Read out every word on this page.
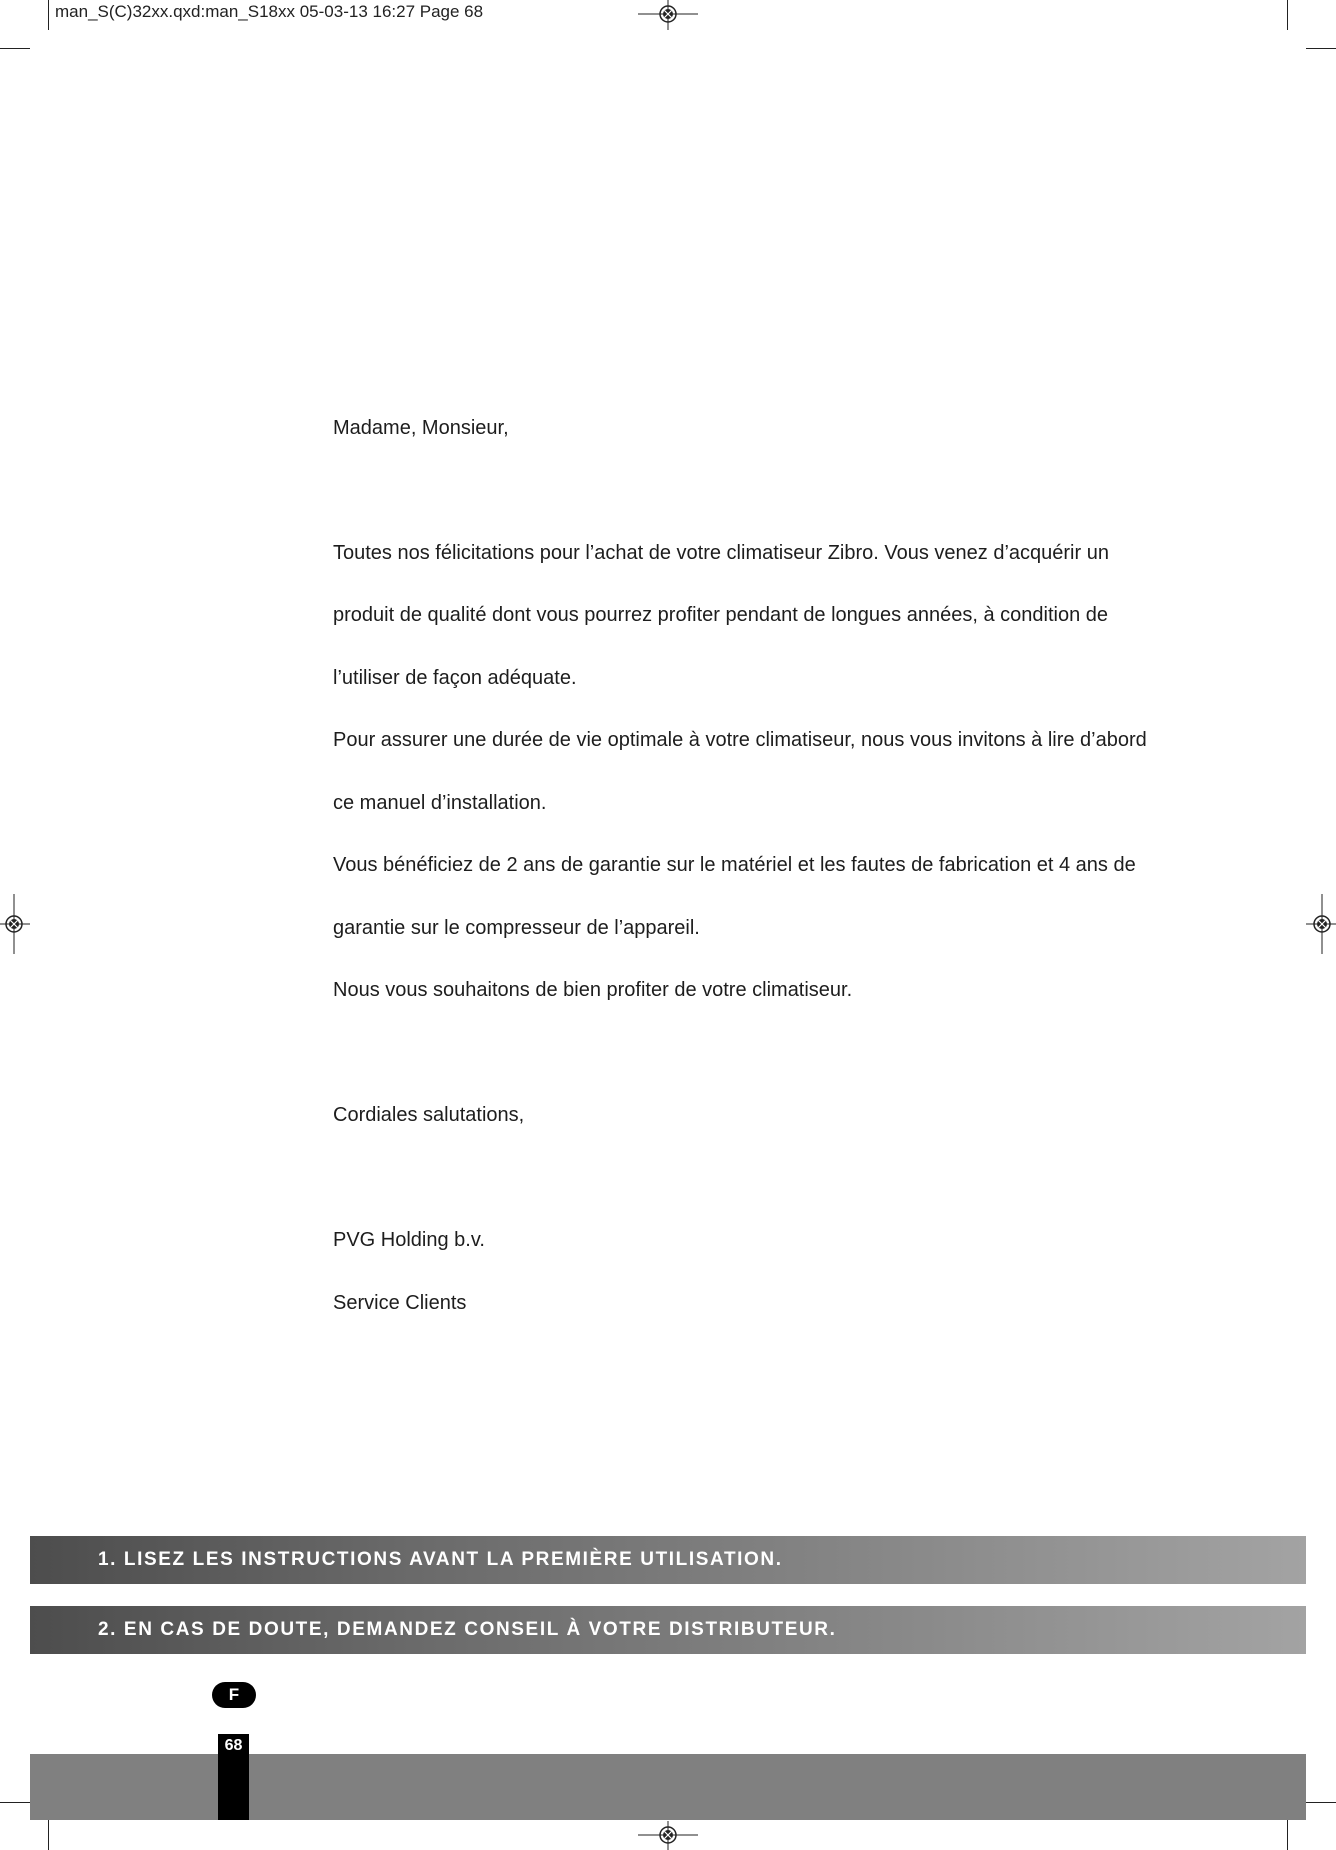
man_S(C)32xx.qxd:man_S18xx 05-03-13 16:27 Page 68

Madame, Monsieur,

Toutes nos félicitations pour l’achat de votre climatiseur Zibro. Vous venez d’acquérir un

produit de qualité dont vous pourrez profiter pendant de longues années, à condition de

l’utiliser de façon adéquate.

Pour assurer une durée de vie optimale à votre climatiseur, nous vous invitons à lire d’abord

ce manuel d’installation.

Vous bénéficiez de 2 ans de garantie sur le matériel et les fautes de fabrication et 4 ans de

garantie sur le compresseur de l’appareil.

Nous vous souhaitons de bien profiter de votre climatiseur.

Cordiales salutations,

PVG Holding b.v.

Service Clients

1. LISEZ LES INSTRUCTIONS AVANT LA PREMIÈRE UTILISATION.
2. EN CAS DE DOUTE, DEMANDEZ CONSEIL À VOTRE DISTRIBUTEUR.
F
68
